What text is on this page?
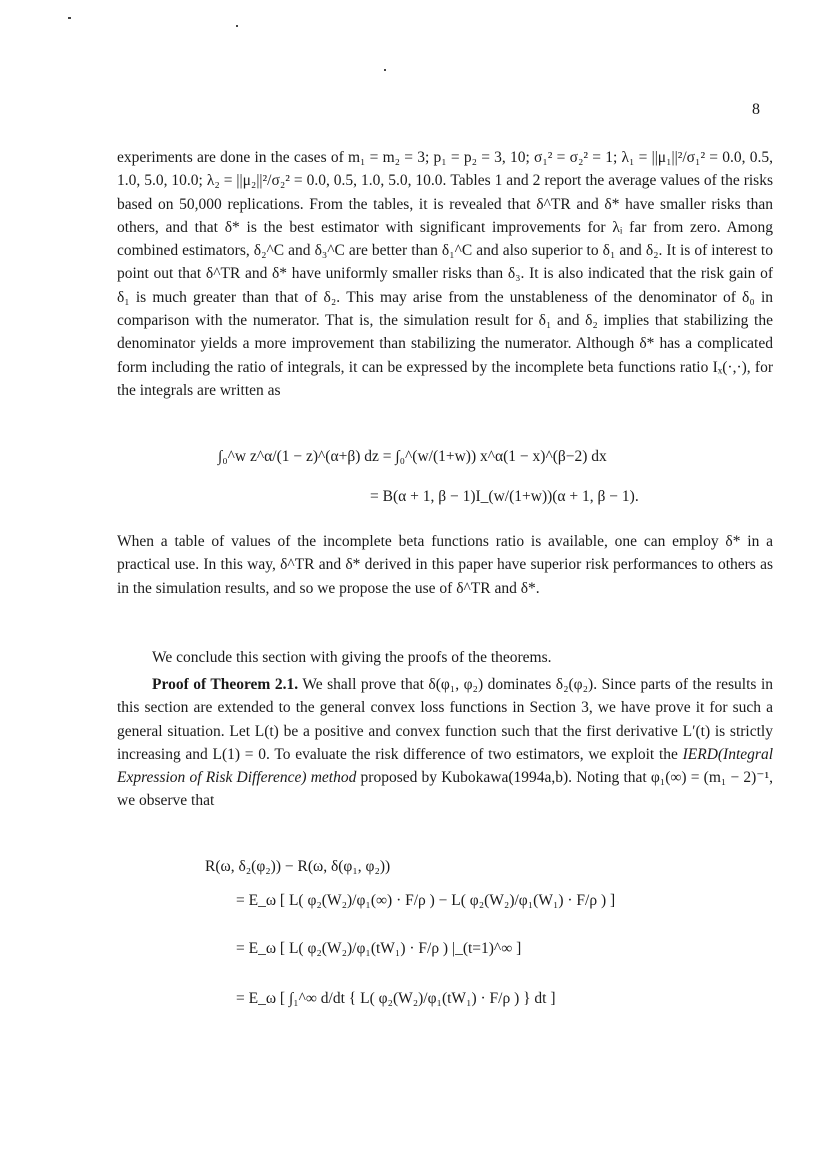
8

experiments are done in the cases of m₁ = m₂ = 3; p₁ = p₂ = 3, 10; σ₁² = σ₂² = 1; λ₁ = ||μ₁||²/σ₁² = 0.0, 0.5, 1.0, 5.0, 10.0; λ₂ = ||μ₂||²/σ₂² = 0.0, 0.5, 1.0, 5.0, 10.0. Tables 1 and 2 report the average values of the risks based on 50,000 replications. From the tables, it is revealed that δ^TR and δ* have smaller risks than others, and that δ* is the best estimator with significant improvements for λᵢ far from zero. Among combined estimators, δ₂^C and δ₃^C are better than δ₁^C and also superior to δ₁ and δ₂. It is of interest to point out that δ^TR and δ* have uniformly smaller risks than δ₃. It is also indicated that the risk gain of δ₁ is much greater than that of δ₂. This may arise from the unstableness of the denominator of δ₀ in comparison with the numerator. That is, the simulation result for δ₁ and δ₂ implies that stabilizing the denominator yields a more improvement than stabilizing the numerator. Although δ* has a complicated form including the ratio of integrals, it can be expressed by the incomplete beta functions ratio Iₓ(·,·), for the integrals are written as

∫₀^w z^α/(1 − z)^(α+β) dz = ∫₀^(w/(1+w)) x^α(1 − x)^(β−2) dx
= B(α + 1, β − 1)I_(w/(1+w))(α + 1, β − 1).

When a table of values of the incomplete beta functions ratio is available, one can employ δ* in a practical use. In this way, δ^TR and δ* derived in this paper have superior risk performances to others as in the simulation results, and so we propose the use of δ^TR and δ*.

We conclude this section with giving the proofs of the theorems.

Proof of Theorem 2.1. We shall prove that δ(φ₁, φ₂) dominates δ₂(φ₂). Since parts of the results in this section are extended to the general convex loss functions in Section 3, we have prove it for such a general situation. Let L(t) be a positive and convex function such that the first derivative L′(t) is strictly increasing and L(1) = 0. To evaluate the risk difference of two estimators, we exploit the IERD(Integral Expression of Risk Difference) method proposed by Kubokawa(1994a,b). Noting that φ₁(∞) = (m₁ − 2)⁻¹, we observe that

R(ω, δ₂(φ₂)) − R(ω, δ(φ₁, φ₂))
= E_ω [ L( φ₂(W₂)/φ₁(∞) · F/ρ ) − L( φ₂(W₂)/φ₁(W₁) · F/ρ ) ]
= E_ω [ L( φ₂(W₂)/φ₁(tW₁) · F/ρ ) |_(t=1)^∞ ]
= E_ω [ ∫₁^∞ d/dt { L( φ₂(W₂)/φ₁(tW₁) · F/ρ ) } dt ]
